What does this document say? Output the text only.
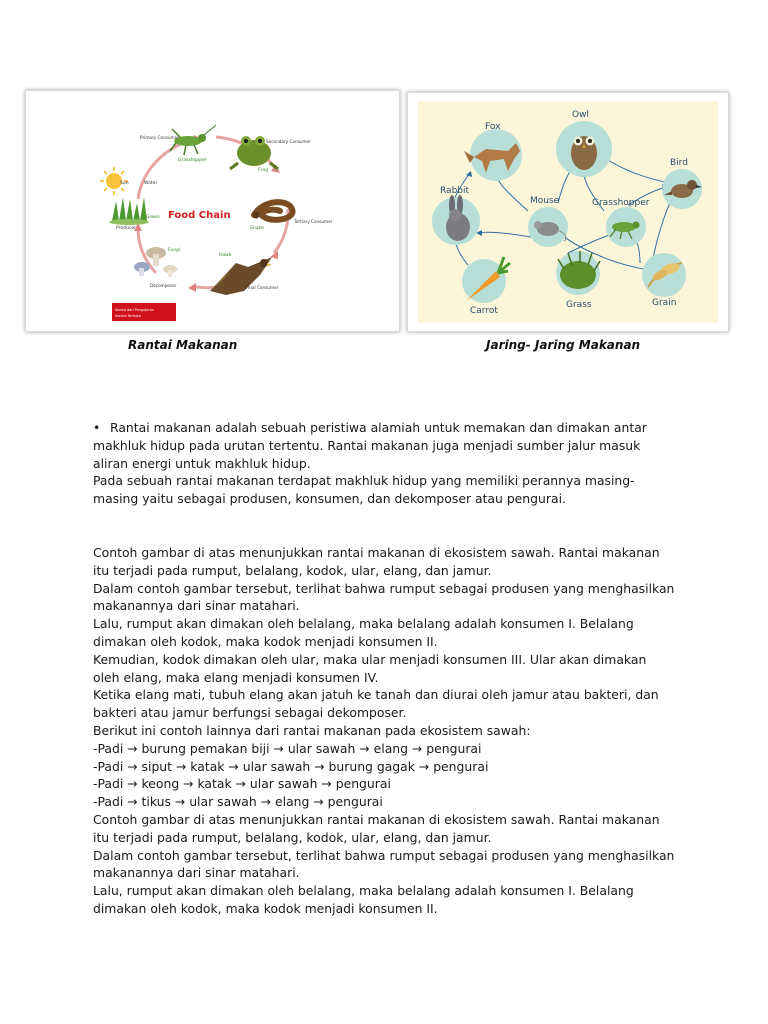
Sun	Water
Green
Producer
Primary Consumer
Grasshopper
Secondary Consumer
Frog
Food Chain
Snake
Tertiary Consumer
Hawk
Final Consumer
Fungi
Decomposer
Komisi dari Pengajaran
Inovita Terbuka
Owl
Fox
Bird
Rabbit
Mouse	Grasshopper
Carrot
Grass	Grain
Rantai Makanan	Jaring- Jaring Makanan
• Rantai makanan adalah sebuah peristiwa alamiah untuk memakan dan dimakan antar
makhluk hidup pada urutan tertentu. Rantai makanan juga menjadi sumber jalur masuk
aliran energi untuk makhluk hidup.
Pada sebuah rantai makanan terdapat makhluk hidup yang memiliki perannya masing-
masing yaitu sebagai produsen, konsumen, dan dekomposer atau pengurai.
Contoh gambar di atas menunjukkan rantai makanan di ekosistem sawah. Rantai makanan
itu terjadi pada rumput, belalang, kodok, ular, elang, dan jamur.
Dalam contoh gambar tersebut, terlihat bahwa rumput sebagai produsen yang menghasilkan
makanannya dari sinar matahari.
Lalu, rumput akan dimakan oleh belalang, maka belalang adalah konsumen I. Belalang
dimakan oleh kodok, maka kodok menjadi konsumen II.
Kemudian, kodok dimakan oleh ular, maka ular menjadi konsumen III. Ular akan dimakan
oleh elang, maka elang menjadi konsumen IV.
Ketika elang mati, tubuh elang akan jatuh ke tanah dan diurai oleh jamur atau bakteri, dan
bakteri atau jamur berfungsi sebagai dekomposer.
Berikut ini contoh lainnya dari rantai makanan pada ekosistem sawah:
-Padi → burung pemakan biji → ular sawah → elang → pengurai
-Padi → siput → katak → ular sawah → burung gagak → pengurai
-Padi → keong → katak → ular sawah → pengurai
-Padi → tikus → ular sawah → elang → pengurai
Contoh gambar di atas menunjukkan rantai makanan di ekosistem sawah. Rantai makanan
itu terjadi pada rumput, belalang, kodok, ular, elang, dan jamur.
Dalam contoh gambar tersebut, terlihat bahwa rumput sebagai produsen yang menghasilkan
makanannya dari sinar matahari.
Lalu, rumput akan dimakan oleh belalang, maka belalang adalah konsumen I. Belalang
dimakan oleh kodok, maka kodok menjadi konsumen II.
